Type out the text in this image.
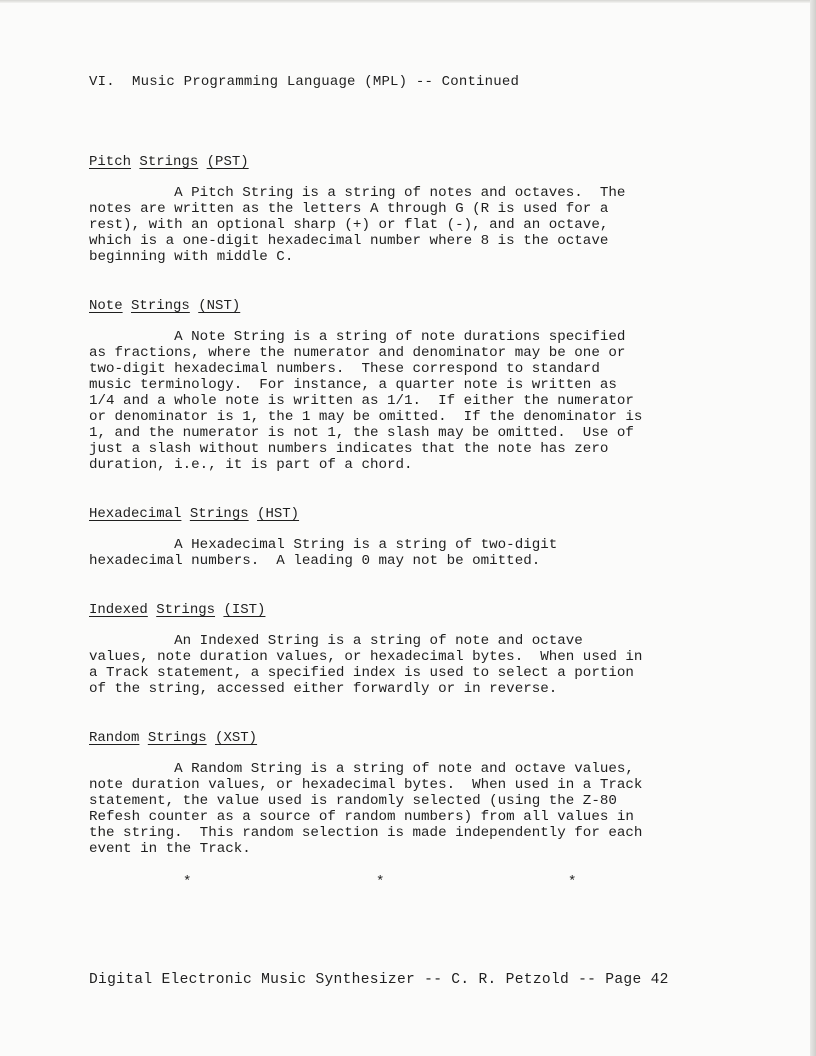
VI.  Music Programming Language (MPL) -- Continued
Pitch Strings (PST)
A Pitch String is a string of notes and octaves.  The
notes are written as the letters A through G (R is used for a
rest), with an optional sharp (+) or flat (-), and an octave,
which is a one-digit hexadecimal number where 8 is the octave
beginning with middle C.
Note Strings (NST)
A Note String is a string of note durations specified
as fractions, where the numerator and denominator may be one or
two-digit hexadecimal numbers.  These correspond to standard
music terminology.  For instance, a quarter note is written as
1/4 and a whole note is written as 1/1.  If either the numerator
or denominator is 1, the 1 may be omitted.  If the denominator is
1, and the numerator is not 1, the slash may be omitted.  Use of
just a slash without numbers indicates that the note has zero
duration, i.e., it is part of a chord.
Hexadecimal Strings (HST)
A Hexadecimal String is a string of two-digit
hexadecimal numbers.  A leading 0 may not be omitted.
Indexed Strings (IST)
An Indexed String is a string of note and octave
values, note duration values, or hexadecimal bytes.  When used in
a Track statement, a specified index is used to select a portion
of the string, accessed either forwardly or in reverse.
Random Strings (XST)
A Random String is a string of note and octave values,
note duration values, or hexadecimal bytes.  When used in a Track
statement, the value used is randomly selected (using the Z-80
Refesh counter as a source of random numbers) from all values in
the string.  This random selection is made independently for each
event in the Track.
*	*	*
Digital Electronic Music Synthesizer -- C. R. Petzold -- Page 42
